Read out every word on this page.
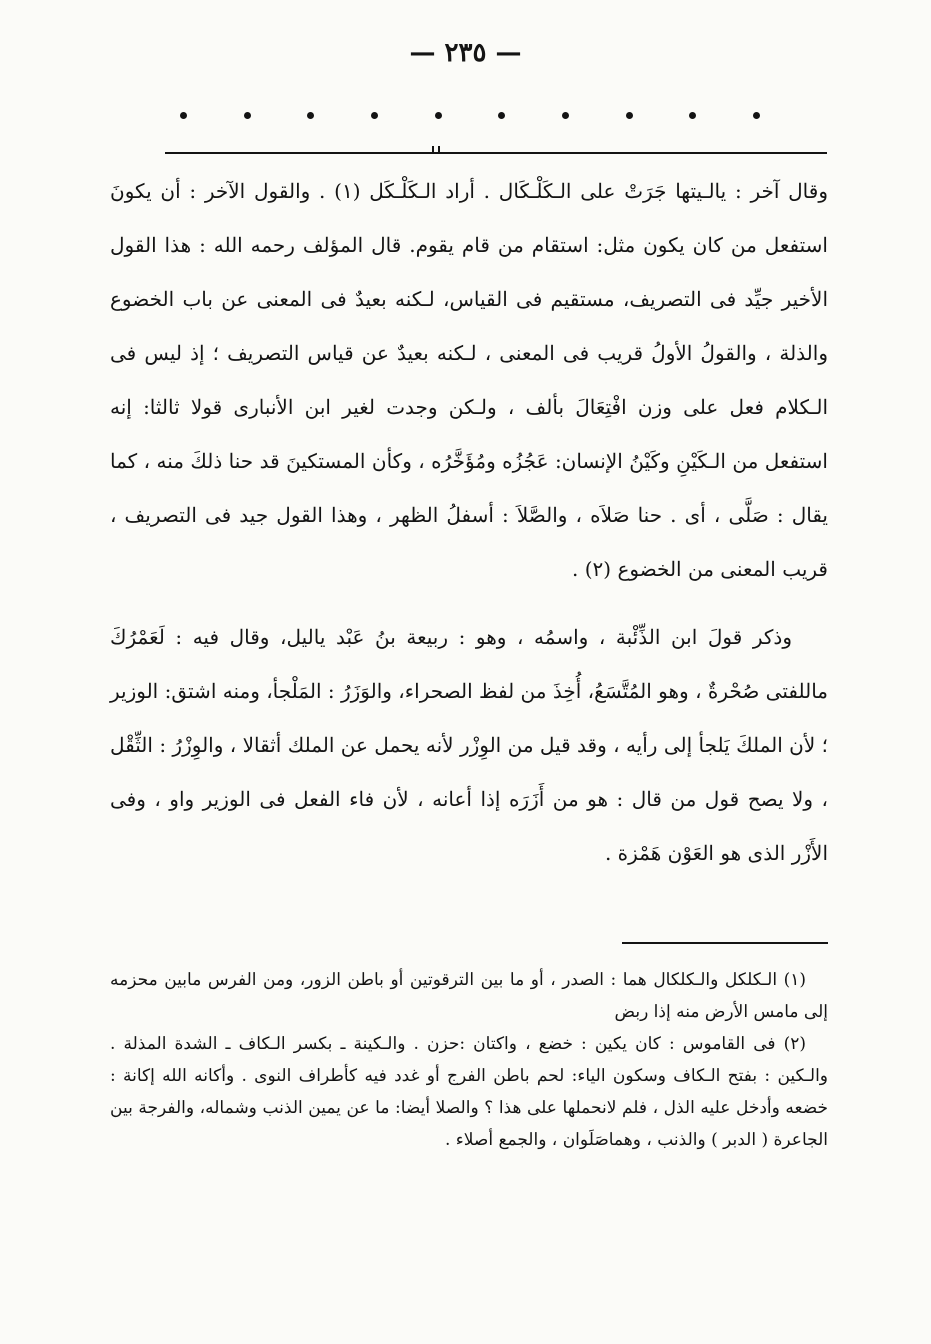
— ٢٣٥ —

وقال آخر : يالـيتها جَرَتْ على الـكَلْـكَال . أراد الـكَلْـكَل (١) . والقول الآخر : أن يكونَ استفعل من كان يكون مثل: استقام من قام يقوم. قال المؤلف رحمه الله : هذا القول الأخير جيِّد فى التصريف، مستقيم فى القياس، لـكنه بعيدٌ فى المعنى عن باب الخضوع والذلة ، والقولُ الأولُ قريب فى المعنى ، لـكنه بعيدٌ عن قياس التصريف ؛ إذ ليس فى الـكلام فعل على وزن افْتِعَالَ بألف ، ولـكن وجدت لغير ابن الأنبارى قولا ثالثا: إنه استفعل من الـكَيْنِ وكَيْنُ الإنسان: عَجُزُه ومُؤَخَّرُه ، وكأن المستكينَ قد حنا ذلكَ منه ، كما يقال : صَلَّى ، أى . حنا صَلاَه ، والصَّلاَ : أسفلُ الظهر ، وهذا القول جيد فى التصريف ، قريب المعنى من الخضوع (٢) .

وذكر قولَ ابن الذِّئْبة ، واسمُه ، وهو : ربيعة بنُ عَبْد ياليل، وقال فيه : لَعَمْرُكَ ماللفتى صُحْرةٌ ، وهو المُتَّسَعُ، أُخِذَ من لفظ الصحراء، والوَزَرُ : المَلْجأ، ومنه اشتق: الوزير ؛ لأن الملكَ يَلجأ إلى رأيه ، وقد قيل من الوِزْر لأنه يحمل عن الملك أثقالا ، والوِزْرُ : الثِّقْل ، ولا يصح قول من قال : هو من أَزَرَه إذا أعانه ، لأن فاء الفعل فى الوزير واو ، وفى الأَزْر الذى هو العَوْن هَمْزة .

(١) الـكلكل والـكلكال هما : الصدر ، أو ما بين الترقوتين أو باطن الزور، ومن الفرس مابين محزمه إلى مامس الأرض منه إذا ربض

(٢) فى القاموس : كان يكين : خضع ، واكتان :حزن . والـكينة ـ بكسر الـكاف ـ الشدة المذلة . والـكين : بفتح الـكاف وسكون الياء: لحم باطن الفرج أو غدد فيه كأطراف النوى . وأكانه الله إكانة : خضعه وأدخل عليه الذل ، فلم لانحملها على هذا ؟ والصلا أيضا: ما عن يمين الذنب وشماله، والفرجة بين الجاعرة ( الدبر ) والذنب ، وهماصَلَوان ، والجمع أصلاء .
